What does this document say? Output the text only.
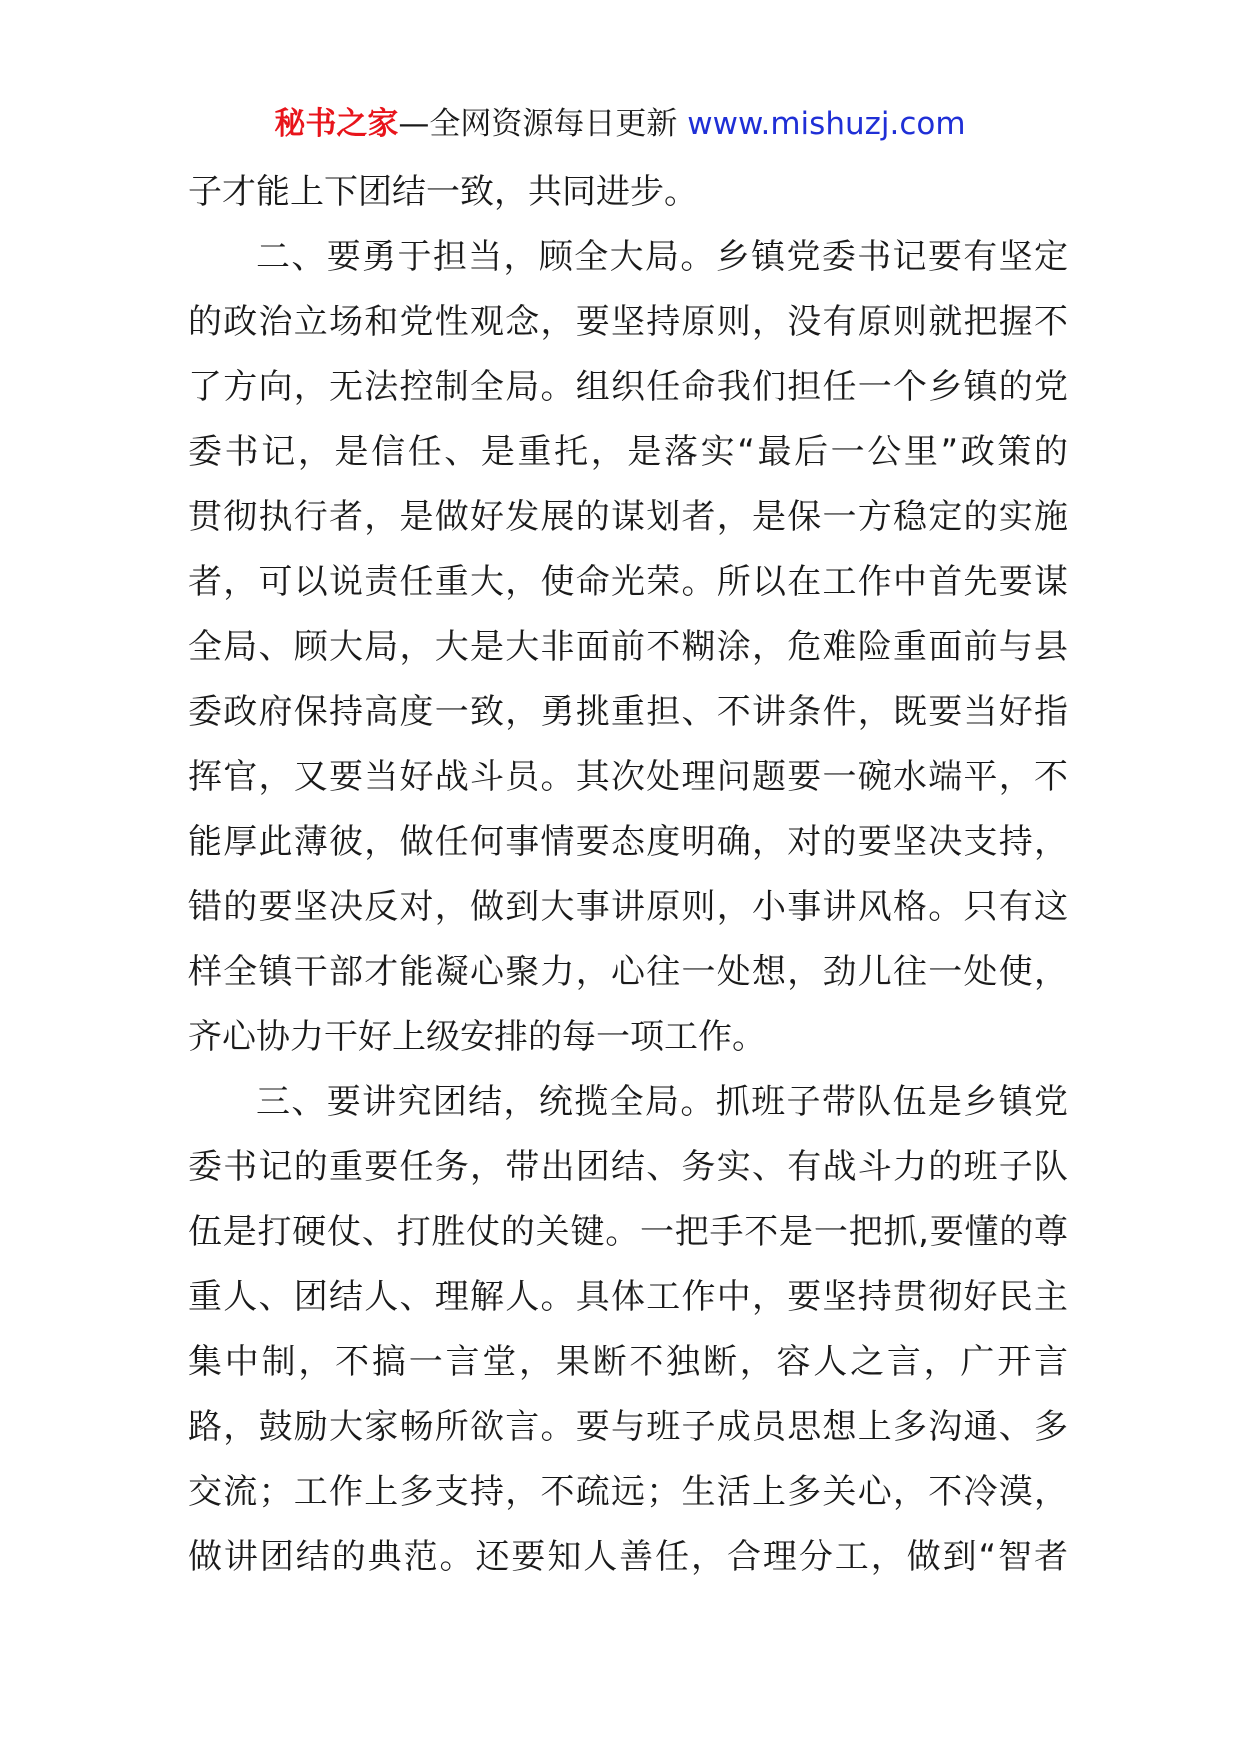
秘书之家—全网资源每日更新 www.mishuzj.com
子才能上下团结一致，共同进步。
二、要勇于担当，顾全大局。乡镇党委书记要有坚定
的政治立场和党性观念，要坚持原则，没有原则就把握不
了方向，无法控制全局。组织任命我们担任一个乡镇的党
委书记，是信任、是重托，是落实“最后一公里”政策的
贯彻执行者，是做好发展的谋划者，是保一方稳定的实施
者，可以说责任重大，使命光荣。所以在工作中首先要谋
全局、顾大局，大是大非面前不糊涂，危难险重面前与县
委政府保持高度一致，勇挑重担、不讲条件，既要当好指
挥官，又要当好战斗员。其次处理问题要一碗水端平，不
能厚此薄彼，做任何事情要态度明确，对的要坚决支持，
错的要坚决反对，做到大事讲原则，小事讲风格。只有这
样全镇干部才能凝心聚力，心往一处想，劲儿往一处使，
齐心协力干好上级安排的每一项工作。
三、要讲究团结，统揽全局。抓班子带队伍是乡镇党
委书记的重要任务，带出团结、务实、有战斗力的班子队
伍是打硬仗、打胜仗的关键。一把手不是一把抓,要懂的尊
重人、团结人、理解人。具体工作中，要坚持贯彻好民主
集中制，不搞一言堂，果断不独断，容人之言，广开言
路，鼓励大家畅所欲言。要与班子成员思想上多沟通、多
交流；工作上多支持，不疏远；生活上多关心，不冷漠，
做讲团结的典范。还要知人善任，合理分工，做到“智者
